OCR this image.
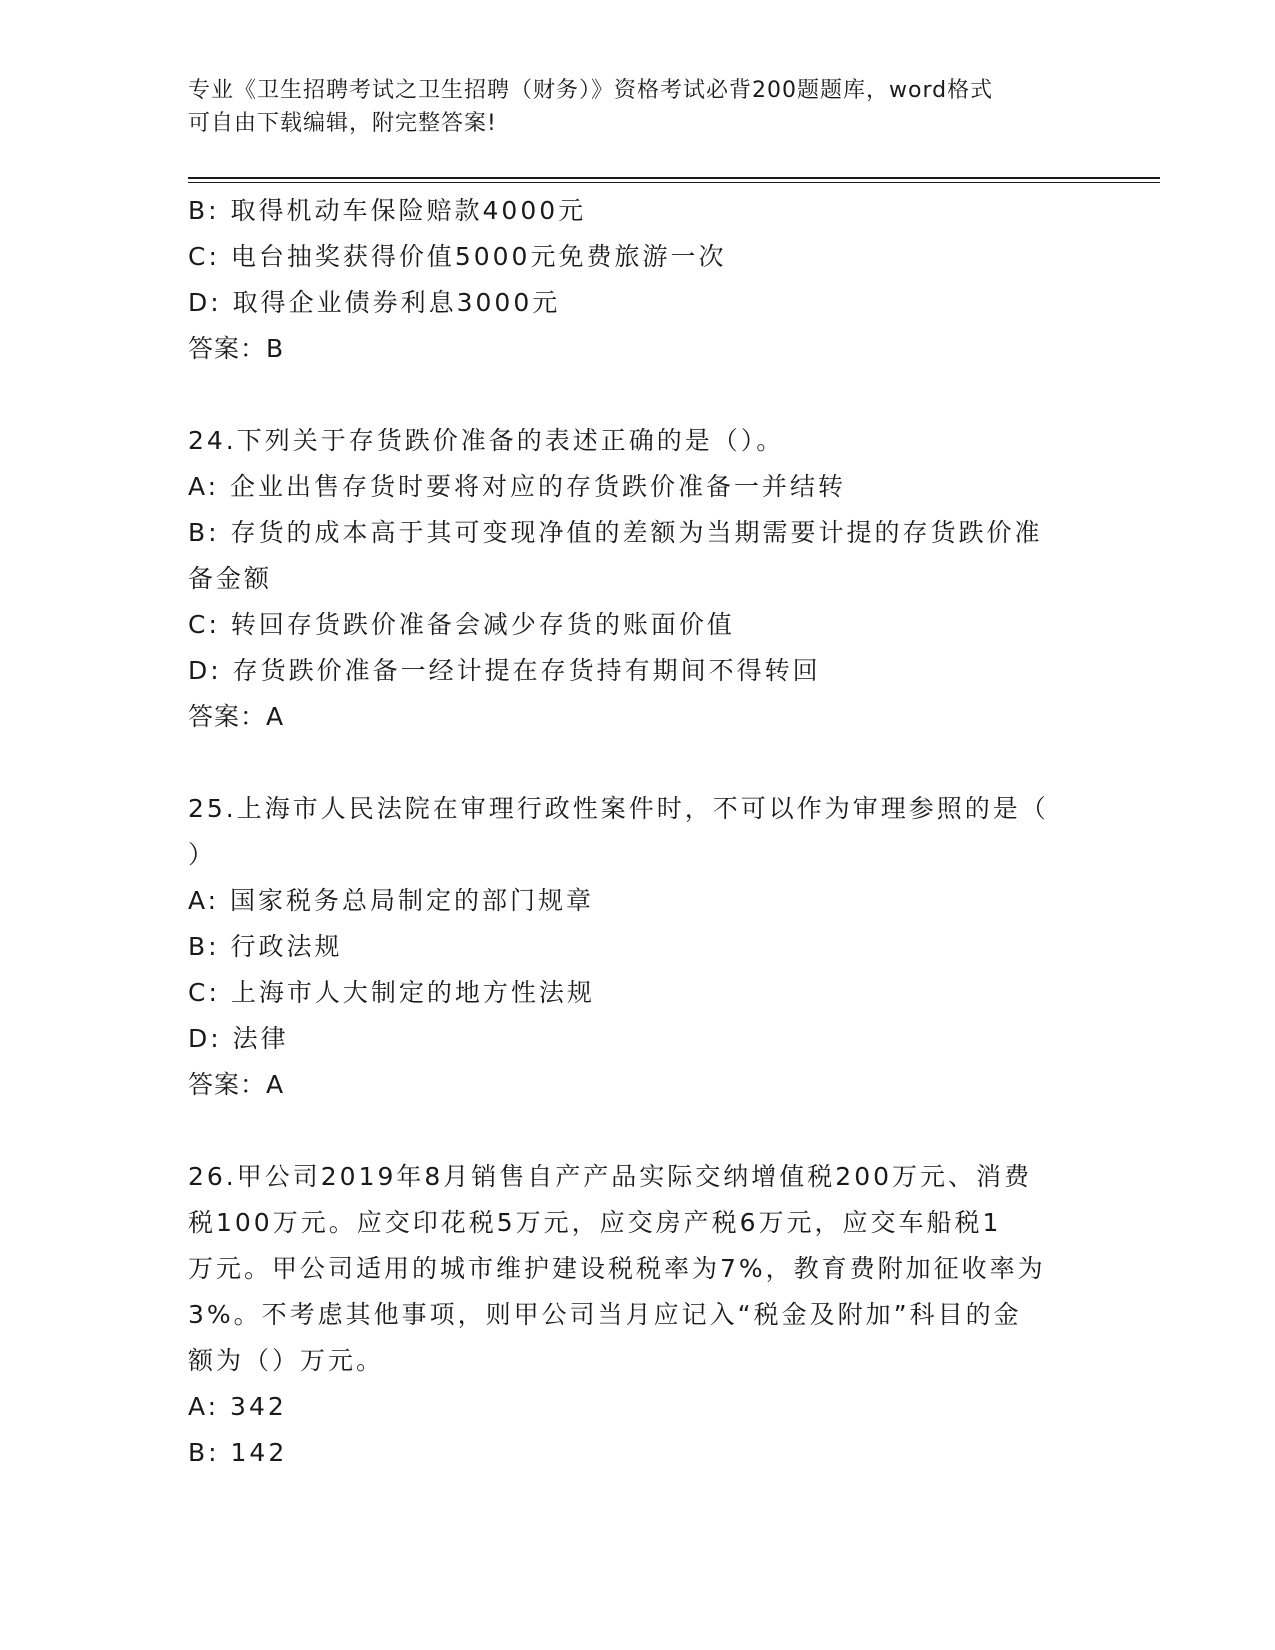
专业《卫生招聘考试之卫生招聘（财务）》资格考试必背200题题库，word格式
可自由下载编辑，附完整答案!
B: 取得机动车保险赔款4000元
C: 电台抽奖获得价值5000元免费旅游一次
D: 取得企业债券利息3000元
答案：B
24.下列关于存货跌价准备的表述正确的是（）。
A: 企业出售存货时要将对应的存货跌价准备一并结转
B: 存货的成本高于其可变现净值的差额为当期需要计提的存货跌价准
备金额
C: 转回存货跌价准备会减少存货的账面价值
D: 存货跌价准备一经计提在存货持有期间不得转回
答案：A
25.上海市人民法院在审理行政性案件时，不可以作为审理参照的是（
）
A: 国家税务总局制定的部门规章
B: 行政法规
C: 上海市人大制定的地方性法规
D: 法律
答案：A
26.甲公司2019年8月销售自产产品实际交纳增值税200万元、消费
税100万元。应交印花税5万元，应交房产税6万元，应交车船税1
万元。甲公司适用的城市维护建设税税率为7%，教育费附加征收率为
3%。不考虑其他事项，则甲公司当月应记入“税金及附加”科目的金
额为（）万元。
A: 342
B: 142
